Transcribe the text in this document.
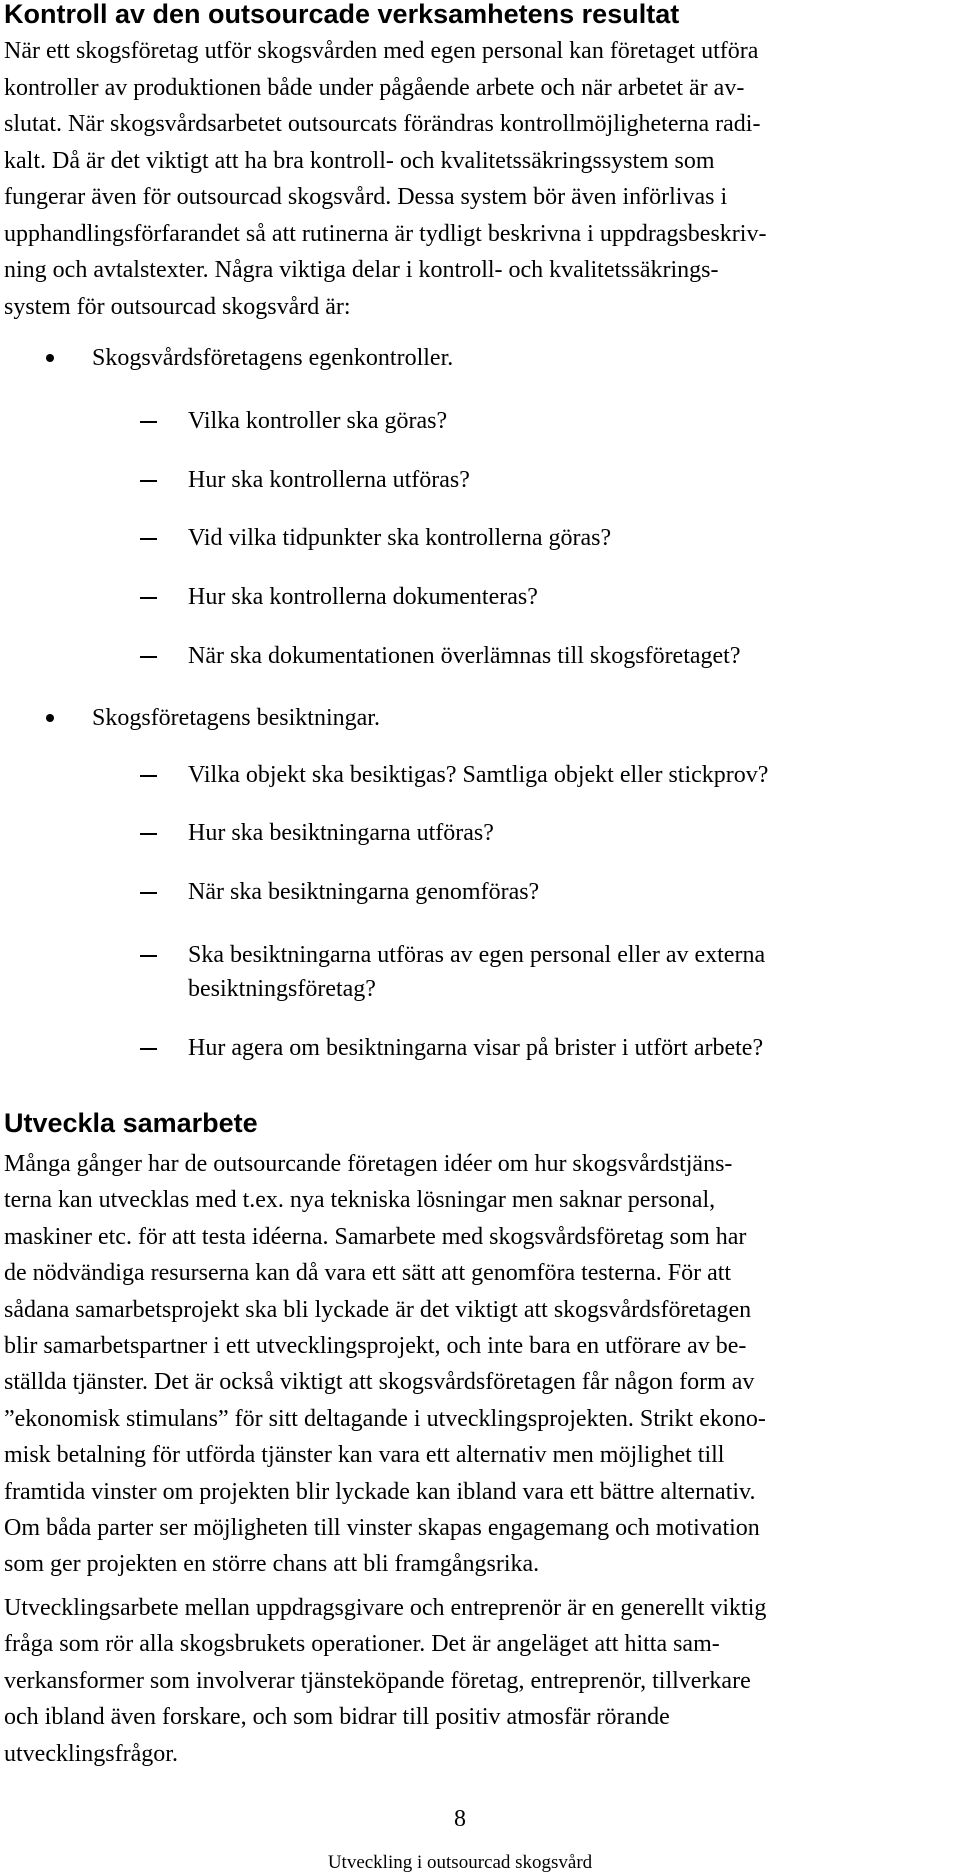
Kontroll av den outsourcade verksamhetens resultat
När ett skogsföretag utför skogsvården med egen personal kan företaget utföra
kontroller av produktionen både under pågående arbete och när arbetet är av-
slutat. När skogsvårdsarbetet outsourcats förändras kontrollmöjligheterna radi-
kalt. Då är det viktigt att ha bra kontroll- och kvalitetssäkringssystem som
fungerar även för outsourcad skogsvård. Dessa system bör även införlivas i
upphandlingsförfarandet så att rutinerna är tydligt beskrivna i uppdragsbeskriv-
ning och avtalstexter. Några viktiga delar i kontroll- och kvalitetssäkrings-
system för outsourcad skogsvård är:
Skogsvårdsföretagens egenkontroller.
Vilka kontroller ska göras?
Hur ska kontrollerna utföras?
Vid vilka tidpunkter ska kontrollerna göras?
Hur ska kontrollerna dokumenteras?
När ska dokumentationen överlämnas till skogsföretaget?
Skogsföretagens besiktningar.
Vilka objekt ska besiktigas? Samtliga objekt eller stickprov?
Hur ska besiktningarna utföras?
När ska besiktningarna genomföras?
Ska besiktningarna utföras av egen personal eller av externa
besiktningsföretag?
Hur agera om besiktningarna visar på brister i utfört arbete?
Utveckla samarbete
Många gånger har de outsourcande företagen idéer om hur skogsvårdstjäns-
terna kan utvecklas med t.ex. nya tekniska lösningar men saknar personal,
maskiner etc. för att testa idéerna. Samarbete med skogsvårdsföretag som har
de nödvändiga resurserna kan då vara ett sätt att genomföra testerna. För att
sådana samarbetsprojekt ska bli lyckade är det viktigt att skogsvårdsföretagen
blir samarbetspartner i ett utvecklingsprojekt, och inte bara en utförare av be-
ställda tjänster. Det är också viktigt att skogsvårdsföretagen får någon form av
”ekonomisk stimulans” för sitt deltagande i utvecklingsprojekten. Strikt ekono-
misk betalning för utförda tjänster kan vara ett alternativ men möjlighet till
framtida vinster om projekten blir lyckade kan ibland vara ett bättre alternativ.
Om båda parter ser möjligheten till vinster skapas engagemang och motivation
som ger projekten en större chans att bli framgångsrika.
Utvecklingsarbete mellan uppdragsgivare och entreprenör är en generellt viktig
fråga som rör alla skogsbrukets operationer. Det är angeläget att hitta sam-
verkansformer som involverar tjänsteköpande företag, entreprenör, tillverkare
och ibland även forskare, och som bidrar till positiv atmosfär rörande
utvecklingsfrågor.
8
Utveckling i outsourcad skogsvård
